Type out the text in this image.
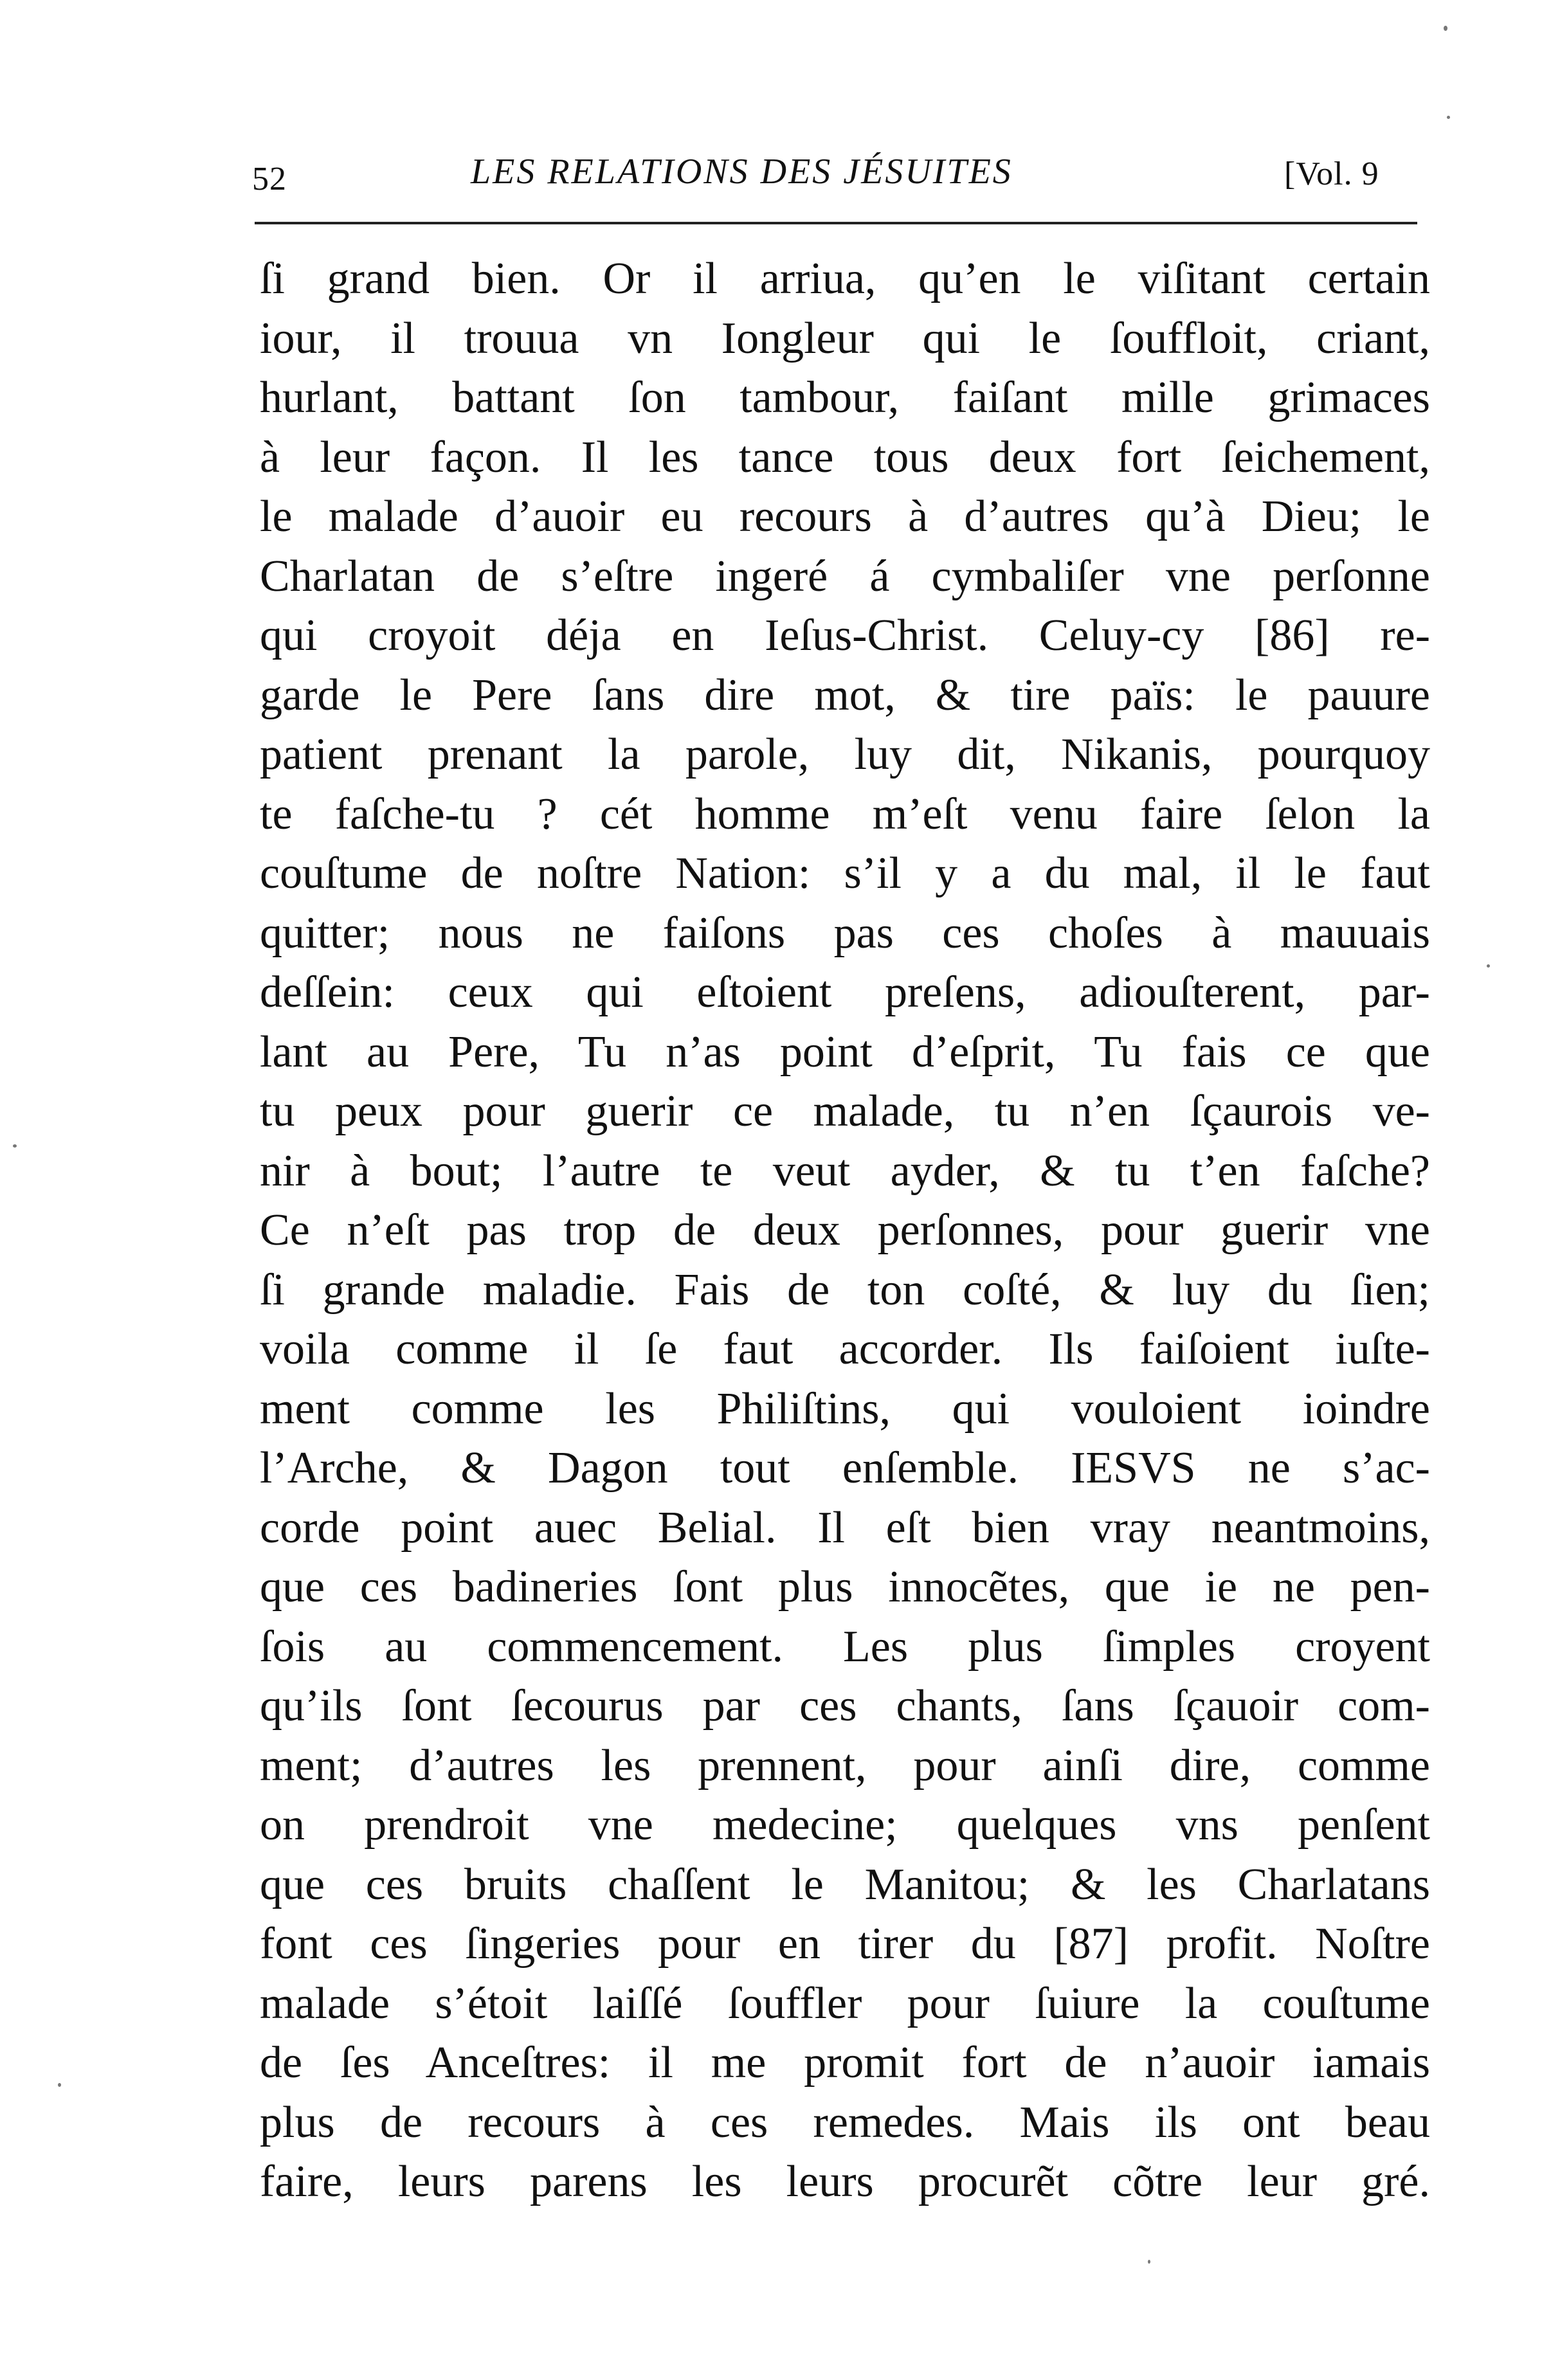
52	LES RELATIONS DES JÉSUITES	[Vol. 9
ſi grand bien. Or il arriua, qu’en le viſitant certain
iour, il trouua vn Iongleur qui le ſouffloit, criant,
hurlant, battant ſon tambour, faiſant mille grimaces
à leur façon. Il les tance tous deux fort ſeichement,
le malade d’auoir eu recours à d’autres qu’à Dieu; le
Charlatan de s’eſtre ingeré á cymbaliſer vne perſonne
qui croyoit déja en Ieſus-Christ. Celuy-cy [86] re-
garde le Pere ſans dire mot, & tire païs: le pauure
patient prenant la parole, luy dit, Nikanis, pourquoy
te faſche-tu ? cét homme m’eſt venu faire ſelon la
couſtume de noſtre Nation: s’il y a du mal, il le faut
quitter; nous ne faiſons pas ces choſes à mauuais
deſſein: ceux qui eſtoient preſens, adiouſterent, par-
lant au Pere, Tu n’as point d’eſprit, Tu fais ce que
tu peux pour guerir ce malade, tu n’en ſçaurois ve-
nir à bout; l’autre te veut ayder, & tu t’en faſche?
Ce n’eſt pas trop de deux perſonnes, pour guerir vne
ſi grande maladie. Fais de ton coſté, & luy du ſien;
voila comme il ſe faut accorder. Ils faiſoient iuſte-
ment comme les Philiſtins, qui vouloient ioindre
l’Arche, & Dagon tout enſemble. IESVS ne s’ac-
corde point auec Belial. Il eſt bien vray neantmoins,
que ces badineries ſont plus innocẽtes, que ie ne pen-
ſois au commencement. Les plus ſimples croyent
qu’ils ſont ſecourus par ces chants, ſans ſçauoir com-
ment; d’autres les prennent, pour ainſi dire, comme
on prendroit vne medecine; quelques vns penſent
que ces bruits chaſſent le Manitou; & les Charlatans
font ces ſingeries pour en tirer du [87] profit. Noſtre
malade s’étoit laiſſé ſouffler pour ſuiure la couſtume
de ſes Anceſtres: il me promit fort de n’auoir iamais
plus de recours à ces remedes. Mais ils ont beau
faire, leurs parens les leurs procurẽt cõtre leur gré.
